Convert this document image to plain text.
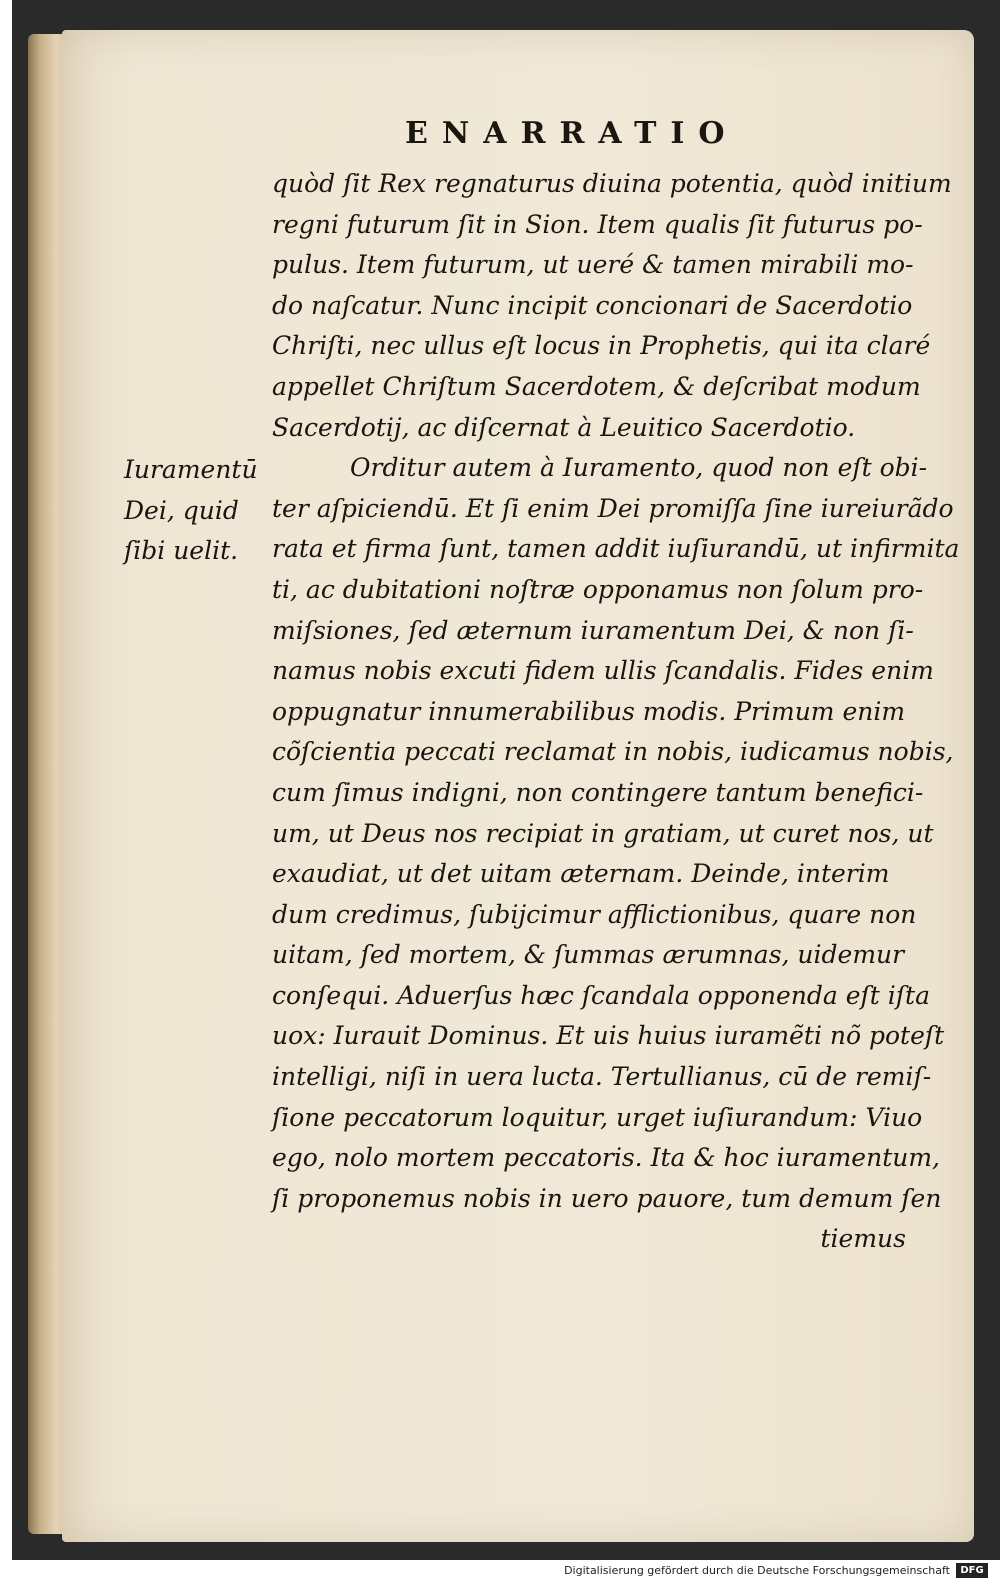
ENARRATIO
Iuramentū
Dei, quid
ſibi uelit.
quòd ſit Rex regnaturus diuina potentia, quòd initium
regni futurum ſit in Sion. Item qualis ſit futurus po-
pulus. Item futurum, ut ueré & tamen mirabili mo-
do naſcatur. Nunc incipit concionari de Sacerdotio
Chriſti, nec ullus eſt locus in Prophetis, qui ita claré
appellet Chriſtum Sacerdotem, & deſcribat modum
Sacerdotij, ac diſcernat à Leuitico Sacerdotio.
Orditur autem à Iuramento, quod non eſt obi-
ter aſpiciendū. Et ſi enim Dei promiſſa ſine iureiurãdo
rata et firma ſunt, tamen addit iuſiurandū, ut infirmita
ti, ac dubitationi noſtræ opponamus non ſolum pro-
miſsiones, ſed æternum iuramentum Dei, & non ſi-
namus nobis excuti fidem ullis ſcandalis. Fides enim
oppugnatur innumerabilibus modis. Primum enim
cõſcientia peccati reclamat in nobis, iudicamus nobis,
cum ſimus indigni, non contingere tantum benefici-
um, ut Deus nos recipiat in gratiam, ut curet nos, ut
exaudiat, ut det uitam æternam. Deinde, interim
dum credimus, ſubijcimur afflictionibus, quare non
uitam, ſed mortem, & ſummas ærumnas, uidemur
conſequi. Aduerſus hæc ſcandala opponenda eſt iſta
uox: Iurauit Dominus. Et uis huius iuramẽti nõ poteſt
intelligi, niſi in uera lucta. Tertullianus, cū de remiſ-
ſione peccatorum loquitur, urget iuſiurandum: Viuo
ego, nolo mortem peccatoris. Ita & hoc iuramentum,
ſi proponemus nobis in uero pauore, tum demum ſen
tiemus
Digitalisierung gefördert durch die Deutsche Forschungsgemeinschaft	DFG
